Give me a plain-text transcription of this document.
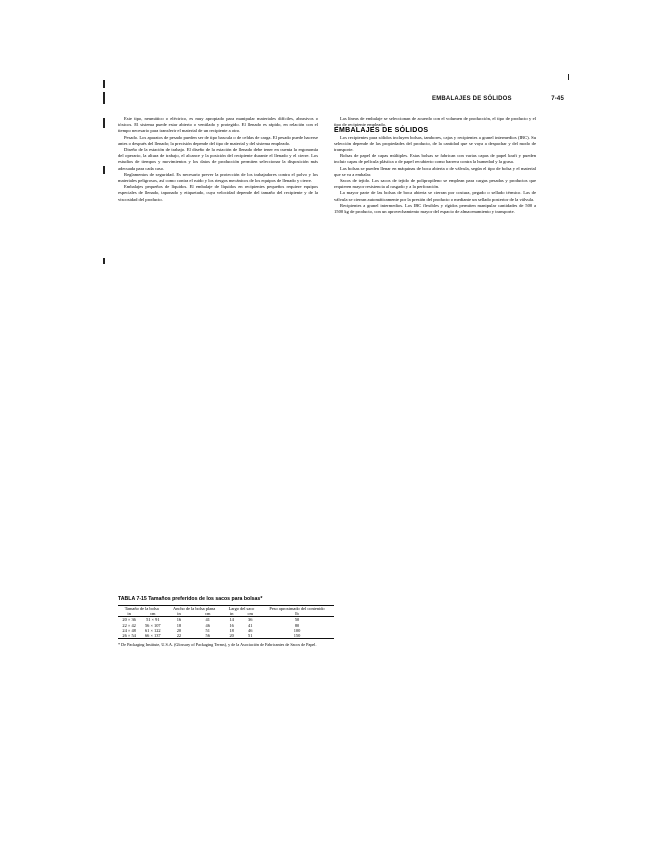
EMBALAJES DE SÓLIDOS	7-45

Este tipo, neumático o eléctrico, es muy apropiado para manipular materiales difíciles, abrasivos o tóxicos. El sistema puede estar abierto o ventilado y protegido. El llenado es rápido, en relación con el tiempo necesario para transferir el material de un recipiente a otro.

Pesado. Los aparatos de pesado pueden ser de tipo bascula o de celdas de carga. El pesado puede hacerse antes o después del llenado; la precisión depende del tipo de material y del sistema empleado.

Diseño de la estación de trabajo. El diseño de la estación de llenado debe tener en cuenta la ergonomía del operario, la altura de trabajo, el alcance y la posición del recipiente durante el llenado y el cierre. Los estudios de tiempos y movimientos y los datos de producción permiten seleccionar la disposición más adecuada para cada caso.

Reglamentos de seguridad. Es necesario prever la protección de los trabajadores contra el polvo y los materiales peligrosos, así como contra el ruido y los riesgos mecánicos de los equipos de llenado y cierre.

Embalajes pequeños de líquidos. El embalaje de líquidos en recipientes pequeños requiere equipos especiales de llenado, taponado y etiquetado, cuya velocidad depende del tamaño del recipiente y de la viscosidad del producto.

Las líneas de embalaje se seleccionan de acuerdo con el volumen de producción, el tipo de producto y el tipo de recipiente empleado.

EMBALAJES DE SÓLIDOS

Los recipientes para sólidos incluyen bolsas, tambores, cajas y recipientes a granel intermedios (IBC). Su selección depende de las propiedades del producto, de la cantidad que se vaya a despachar y del modo de transporte.

Bolsas de papel de capas múltiples. Estas bolsas se fabrican con varias capas de papel kraft y pueden incluir capas de película plástica o de papel recubierto como barrera contra la humedad y la grasa.

Las bolsas se pueden llenar en máquinas de boca abierta o de válvula, según el tipo de bolsa y el material que se va a embalar.

Sacos de tejido. Los sacos de tejido de polipropileno se emplean para cargas pesadas y productos que requieren mayor resistencia al rasgado y a la perforación.

La mayor parte de las bolsas de boca abierta se cierran por costura, pegado o sellado térmico. Las de válvula se cierran automáticamente por la presión del producto o mediante un sellado posterior de la válvula.

Recipientes a granel intermedios. Los IBC flexibles y rígidos permiten manipular cantidades de 500 a 1500 kg de producto, con un aprovechamiento mayor del espacio de almacenamiento y transporte.

TABLA 7-15 Tamaños preferidos de los sacos para bolsas*
Tamaño de la bolsa		Ancho de la bolsa plana		Largo del saco		Peso aproximado del contenido
in	cm	in	cm	in	cm	lb
20 × 36	51 × 91	16	41	14	36	50
22 × 42	56 × 107	18	46	16	41	80
24 × 48	61 × 122	20	51	18	46	100
26 × 54	66 × 137	22	56	20	51	150
* De Packaging Institute, U.S.A. (Glossary of Packaging Terms), y de la Asociación de Fabricantes de Sacos de Papel.
